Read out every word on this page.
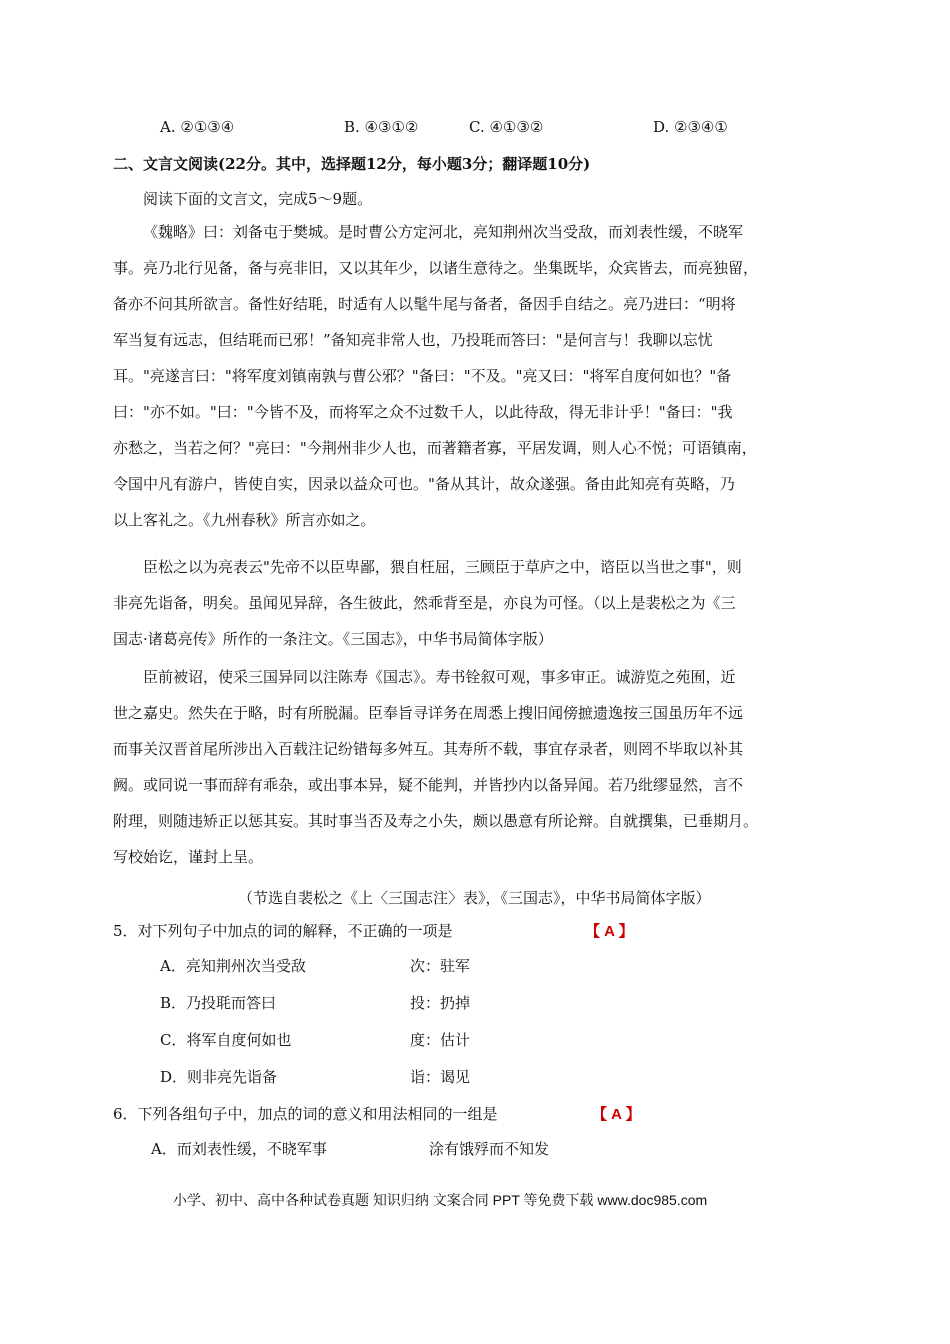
A. ②①③④	B. ④③①②	C. ④①③②	D. ②③④①
二、文言文阅读(22分。其中，选择题12分，每小题3分；翻译题10分)
阅读下面的文言文，完成5～9题。
《魏略》曰：刘备屯于樊城。是时曹公方定河北，亮知荆州次当受敌，而刘表性缓，不晓军
事。亮乃北行见备，备与亮非旧，又以其年少，以诸生意待之。坐集既毕，众宾皆去，而亮独留，
备亦不问其所欲言。备性好结毦，时适有人以髦牛尾与备者，备因手自结之。亮乃进曰：“明将
军当复有远志，但结毦而已邪！”备知亮非常人也，乃投毦而答曰："是何言与！我聊以忘忧
耳。"亮遂言曰："将军度刘镇南孰与曹公邪？"备曰："不及。"亮又曰："将军自度何如也？"备
曰："亦不如。"曰："今皆不及，而将军之众不过数千人，以此待敌，得无非计乎！"备曰："我
亦愁之，当若之何？"亮曰："今荆州非少人也，而著籍者寡，平居发调，则人心不悦；可语镇南，
令国中凡有游户，皆使自实，因录以益众可也。"备从其计，故众遂强。备由此知亮有英略，乃
以上客礼之。《九州春秋》所言亦如之。
臣松之以为亮表云"先帝不以臣卑鄙，猥自枉屈，三顾臣于草庐之中，谘臣以当世之事"，则
非亮先诣备，明矣。虽闻见异辞，各生彼此，然乖背至是，亦良为可怪。（以上是裴松之为《三
国志·诸葛亮传》所作的一条注文。《三国志》，中华书局简体字版）
臣前被诏，使采三国异同以注陈寿《国志》。寿书铨叙可观，事多审正。诚游览之苑囿，近
世之嘉史。然失在于略，时有所脱漏。臣奉旨寻详务在周悉上搜旧闻傍摭遗逸按三国虽历年不远
而事关汉晋首尾所涉出入百载注记纷错每多舛互。其寿所不载，事宜存录者，则罔不毕取以补其
阙。或同说一事而辞有乖杂，或出事本异，疑不能判，并皆抄内以备异闻。若乃纰缪显然，言不
附理，则随违矫正以惩其妄。其时事当否及寿之小失，颇以愚意有所论辩。自就撰集，已垂期月。
写校始讫，谨封上呈。
（节选自裴松之《上〈三国志注〉表》，《三国志》，中华书局简体字版）
5．对下列句子中加点的词的解释，不正确的一项是	【 A 】
A．亮知荆州次当受敌	次：驻军
B．乃投毦而答曰	投：扔掉
C．将军自度何如也	度：估计
D．则非亮先诣备	诣：谒见
6．下列各组句子中，加点的词的意义和用法相同的一组是	【 A 】
A．而刘表性缓，不晓军事	涂有饿殍而不知发
小学、初中、高中各种试卷真题 知识归纳 文案合同 PPT 等免费下载 www.doc985.com
